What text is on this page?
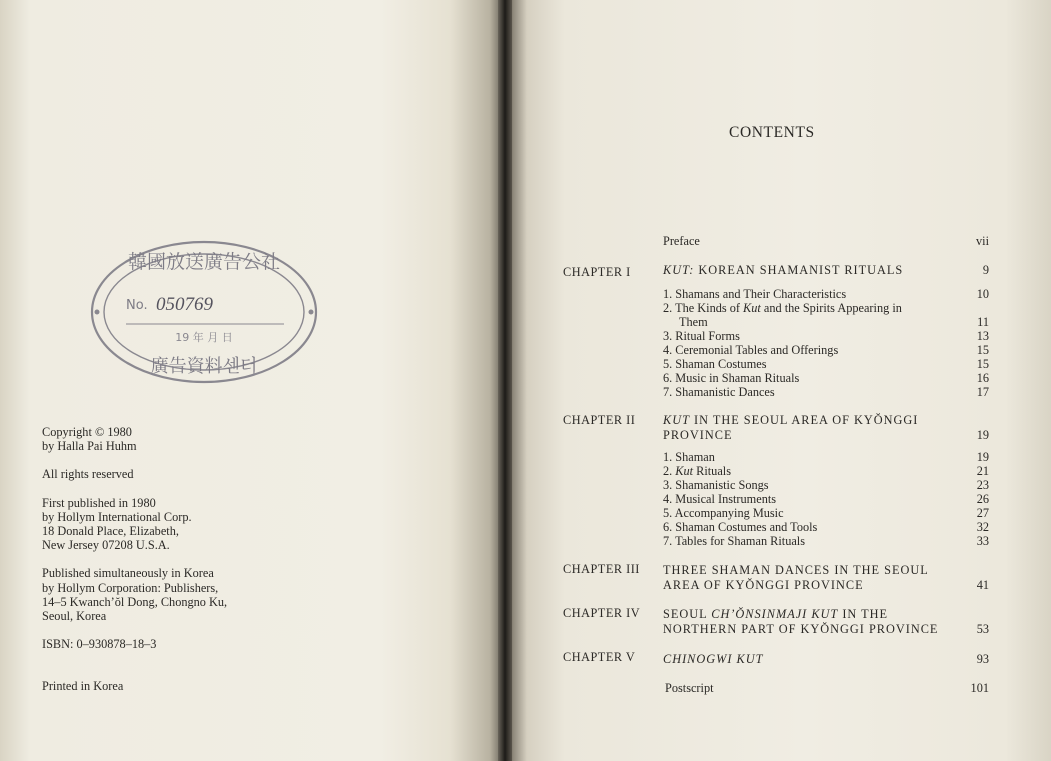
韓國放送廣告公社
No. 050769
19 年 月 日
廣告資料센터

Copyright © 1980
by Halla Pai Huhm

All rights reserved

First published in 1980
by Hollym International Corp.
18 Donald Place, Elizabeth,
New Jersey 07208 U.S.A.

Published simultaneously in Korea
by Hollym Corporation: Publishers,
14–5 Kwanch’ŏl Dong, Chongno Ku,
Seoul, Korea

ISBN: 0–930878–18–3

Printed in Korea

CONTENTS
Preface	vii
CHAPTER I	KUT: KOREAN SHAMANIST RITUALS	9
1. Shamans and Their Characteristics	10
2. The Kinds of Kut and the Spirits Appearing in
Them	11
3. Ritual Forms	13
4. Ceremonial Tables and Offerings	15
5. Shaman Costumes	15
6. Music in Shaman Rituals	16
7. Shamanistic Dances	17
CHAPTER II KUT IN THE SEOUL AREA OF KYŎNGGI
PROVINCE	19
1. Shaman	19
2. Kut Rituals	21
3. Shamanistic Songs	23
4. Musical Instruments	26
5. Accompanying Music	27
6. Shaman Costumes and Tools	32
7. Tables for Shaman Rituals	33
CHAPTER III THREE SHAMAN DANCES IN THE SEOUL
AREA OF KYŎNGGI PROVINCE	41
CHAPTER IV SEOUL CH’ŎNSINMAJI KUT IN THE
NORTHERN PART OF KYŎNGGI PROVINCE	53
CHAPTER V CHINOGWI KUT	93
Postscript	101
